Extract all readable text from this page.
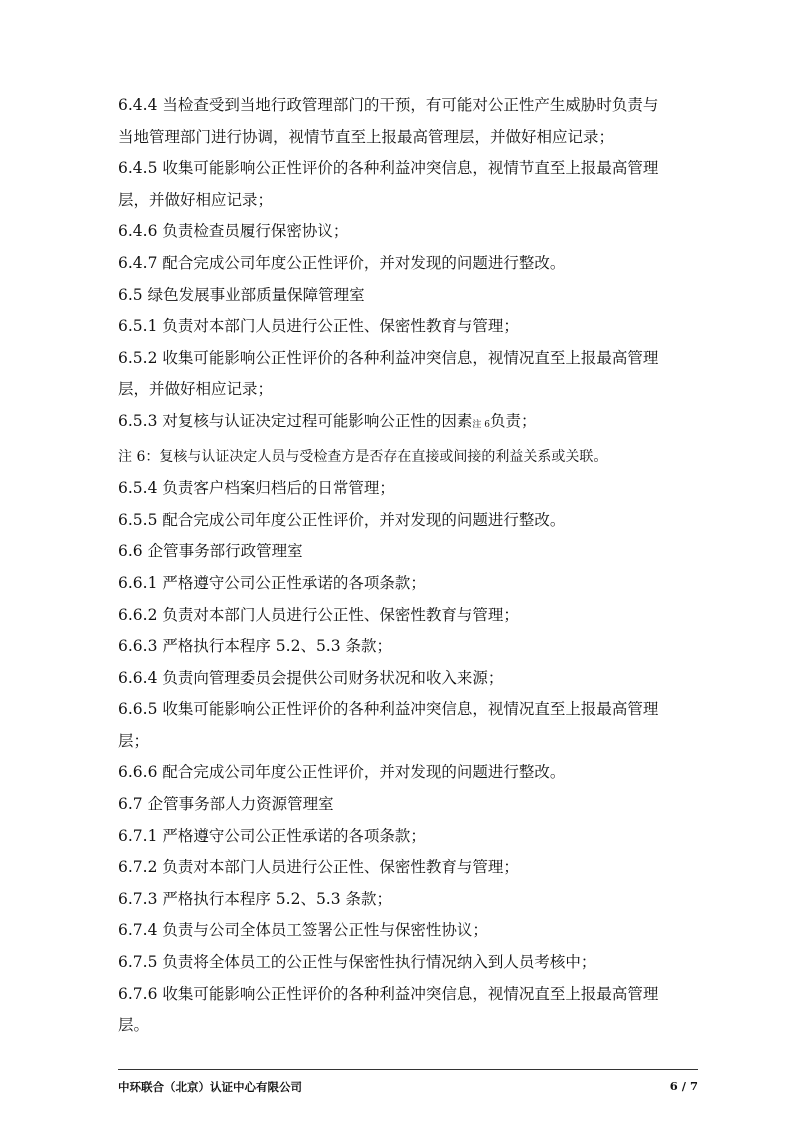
6.4.4 当检查受到当地行政管理部门的干预，有可能对公正性产生威胁时负责与
当地管理部门进行协调，视情节直至上报最高管理层，并做好相应记录；
6.4.5 收集可能影响公正性评价的各种利益冲突信息，视情节直至上报最高管理
层，并做好相应记录；
6.4.6 负责检查员履行保密协议；
6.4.7 配合完成公司年度公正性评价，并对发现的问题进行整改。
6.5 绿色发展事业部质量保障管理室
6.5.1 负责对本部门人员进行公正性、保密性教育与管理；
6.5.2 收集可能影响公正性评价的各种利益冲突信息，视情况直至上报最高管理
层，并做好相应记录；
6.5.3 对复核与认证决定过程可能影响公正性的因素$_{注 6}$负责；
注 6：复核与认证决定人员与受检查方是否存在直接或间接的利益关系或关联。
6.5.4 负责客户档案归档后的日常管理；
6.5.5 配合完成公司年度公正性评价，并对发现的问题进行整改。
6.6 企管事务部行政管理室
6.6.1 严格遵守公司公正性承诺的各项条款；
6.6.2 负责对本部门人员进行公正性、保密性教育与管理；
6.6.3 严格执行本程序 5.2、5.3 条款；
6.6.4 负责向管理委员会提供公司财务状况和收入来源；
6.6.5 收集可能影响公正性评价的各种利益冲突信息，视情况直至上报最高管理
层；
6.6.6 配合完成公司年度公正性评价，并对发现的问题进行整改。
6.7 企管事务部人力资源管理室
6.7.1 严格遵守公司公正性承诺的各项条款；
6.7.2 负责对本部门人员进行公正性、保密性教育与管理；
6.7.3 严格执行本程序 5.2、5.3 条款；
6.7.4 负责与公司全体员工签署公正性与保密性协议；
6.7.5 负责将全体员工的公正性与保密性执行情况纳入到人员考核中；
6.7.6 收集可能影响公正性评价的各种利益冲突信息，视情况直至上报最高管理
层。
中环联合（北京）认证中心有限公司	6 / 7
